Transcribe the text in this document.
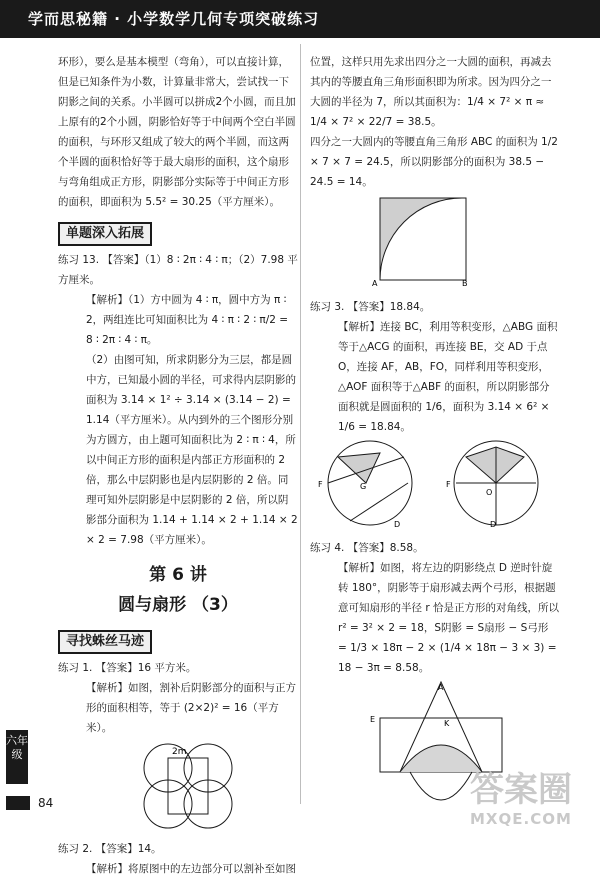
学而思秘籍 · 小学数学几何专项突破练习

环形），要么是基本模型（弯角），可以直接计算，但是已知条件为小数，计算量非常大，尝试找一下阴影之间的关系。小半圆可以拼成2个小圆，而且加上原有的2个小圆，阴影恰好等于中间两个空白半圆的面积，与环形又组成了较大的两个半圆，而这两个半圆的面积恰好等于最大扇形的面积，这个扇形与弯角组成正方形，阴影部分实际等于中间正方形的面积，即面积为 5.5² = 30.25（平方厘米）。

单题深入拓展

练习 13. 【答案】（1）8 ∶ 2π ∶ 4 ∶ π；（2）7.98 平方厘米。

【解析】（1）方中圆为 4 ∶ π，圆中方为 π ∶ 2，两组连比可知面积比为 4 ∶ π ∶ 2 ∶ π/2 = 8 ∶ 2π ∶ 4 ∶ π。

（2）由图可知，所求阴影分为三层，都是圆中方，已知最小圆的半径，可求得内层阴影的面积为 3.14 × 1² ÷ 3.14 × (3.14 − 2) = 1.14（平方厘米）。从内到外的三个图形分别为方圆方，由上题可知面积比为 2 ∶ π ∶ 4，所以中间正方形的面积是内部正方形面积的 2 倍，那么中层阴影也是内层阴影的 2 倍。同理可知外层阴影是中层阴影的 2 倍，所以阴影部分面积为 1.14 + 1.14 × 2 + 1.14 × 2 × 2 = 7.98（平方厘米）。

第 6 讲
圆与扇形 （3）
寻找蛛丝马迹

练习 1. 【答案】16 平方米。

【解析】如图，割补后阴影部分的面积与正方形的面积相等，等于 (2×2)² = 16（平方米）。

2m

练习 2. 【答案】14。

【解析】将原图中的左边部分可以割补至如图

位置，这样只用先求出四分之一大圆的面积，再减去其内的等腰直角三角形面积即为所求。因为四分之一大圆的半径为 7，所以其面积为：1/4 × 7² × π ≈ 1/4 × 7² × 22/7 = 38.5。

四分之一大圆内的等腰直角三角形 ABC 的面积为 1/2 × 7 × 7 = 24.5，所以阴影部分的面积为 38.5 − 24.5 = 14。

A	B

练习 3. 【答案】18.84。

【解析】连接 BC，利用等积变形，△ABG 面积等于△ACG 的面积，再连接 BE，交 AD 于点 O，连接 AF，AB，FO，同样利用等积变形，△AOF 面积等于△ABF 的面积，所以阴影部分面积就是圆面积的 1/6，面积为 3.14 × 6² × 1/6 = 18.84。

F	G
D
F
O
D

练习 4. 【答案】8.58。

【解析】如图，将左边的阴影绕点 D 逆时针旋转 180°，阴影等于扇形减去两个弓形，根据题意可知扇形的半径 r 恰是正方形的对角线，所以 r² = 3² × 2 = 18，S阴影 = S扇形 − S弓形 = 1/3 × 18π − 2 × (1/4 × 18π − 3 × 3) = 18 − 3π = 8.58。

A
E	K
六年级
84	答案圈
MXQE.COM
